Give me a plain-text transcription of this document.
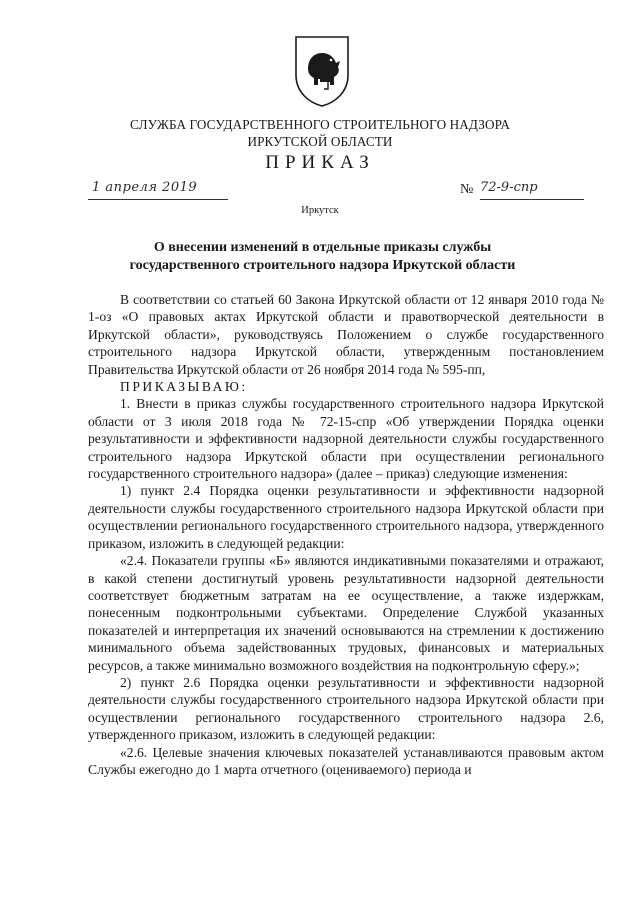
СЛУЖБА ГОСУДАРСТВЕННОГО СТРОИТЕЛЬНОГО НАДЗОРА
ИРКУТСКОЙ ОБЛАСТИ
ПРИКАЗ
1 апреля 2019	№ 72-9-спр
Иркутск
О внесении изменений в отдельные приказы службы государственного строительного надзора Иркутской области

В соответствии со статьей 60 Закона Иркутской области от 12 января 2010 года № 1-оз «О правовых актах Иркутской области и правотворческой деятельности в Иркутской области», руководствуясь Положением о службе государственного строительного надзора Иркутской области, утвержденным постановлением Правительства Иркутской области от 26 ноября 2014 года № 595-пп,

ПРИКАЗЫВАЮ:

1. Внести в приказ службы государственного строительного надзора Иркутской области от 3 июля 2018 года № 72-15-спр «Об утверждении Порядка оценки результативности и эффективности надзорной деятельности службы государственного строительного надзора Иркутской области при осуществлении регионального государственного строительного надзора» (далее – приказ) следующие изменения:

1) пункт 2.4 Порядка оценки результативности и эффективности надзорной деятельности службы государственного строительного надзора Иркутской области при осуществлении регионального государственного строительного надзора, утвержденного приказом, изложить в следующей редакции:

«2.4. Показатели группы «Б» являются индикативными показателями и отражают, в какой степени достигнутый уровень результативности надзорной деятельности соответствует бюджетным затратам на ее осуществление, а также издержкам, понесенным подконтрольными субъектами. Определение Службой указанных показателей и интерпретация их значений основываются на стремлении к достижению минимального объема задействованных трудовых, финансовых и материальных ресурсов, а также минимально возможного воздействия на подконтрольную сферу.»;

2) пункт 2.6 Порядка оценки результативности и эффективности надзорной деятельности службы государственного строительного надзора Иркутской области при осуществлении регионального государственного строительного надзора 2.6, утвержденного приказом, изложить в следующей редакции:

«2.6. Целевые значения ключевых показателей устанавливаются правовым актом Службы ежегодно до 1 марта отчетного (оцениваемого) периода и
